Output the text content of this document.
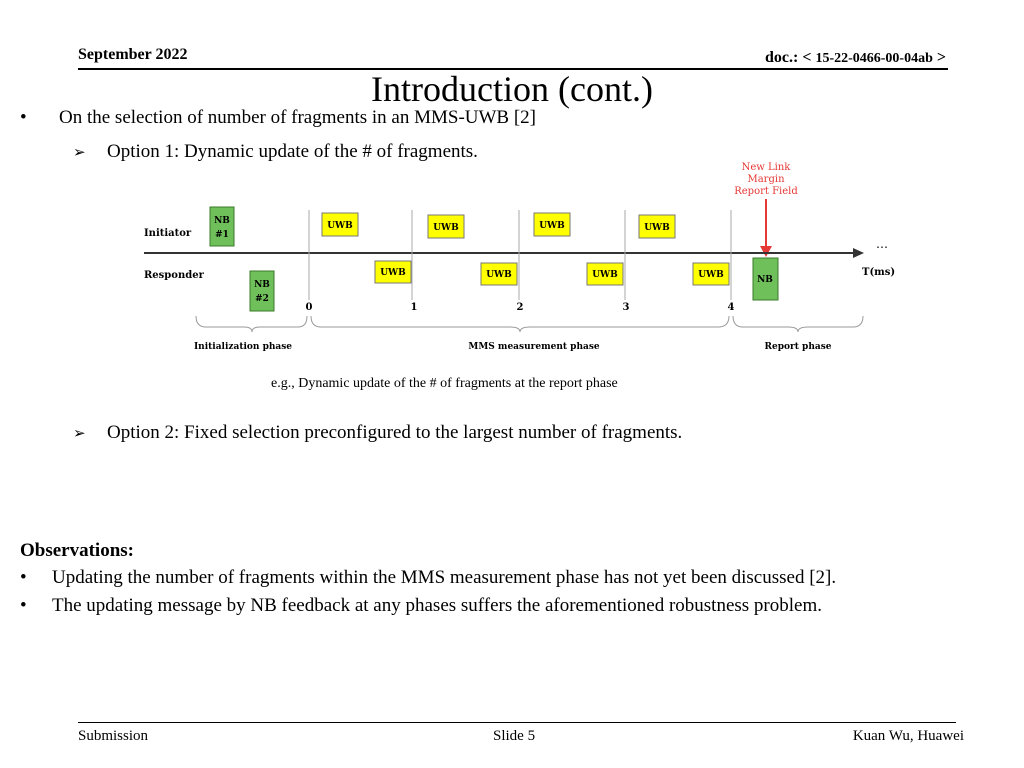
September 2022	doc.: < 15-22-0466-00-04ab >
Introduction (cont.)
• On the selection of number of fragments in an MMS-UWB [2]
➢ Option 1: Dynamic update of the # of fragments.
New Link
Margin
Report Field
Initiator
Responder
…
T(ms)
0	1	2	3	4
NB
#1
NB
#2
UWB	UWB	UWB	UWB
UWB	UWB	UWB	UWB	NB
Initialization phase	MMS measurement phase	Report phase
e.g., Dynamic update of the # of fragments at the report phase
➢ Option 2: Fixed selection preconfigured to the largest number of fragments.
Observations:
• Updating the number of fragments within the MMS measurement phase has not yet been discussed [2].
• The updating message by NB feedback at any phases suffers the aforementioned robustness problem.
Submission	Slide 5	Kuan Wu, Huawei
